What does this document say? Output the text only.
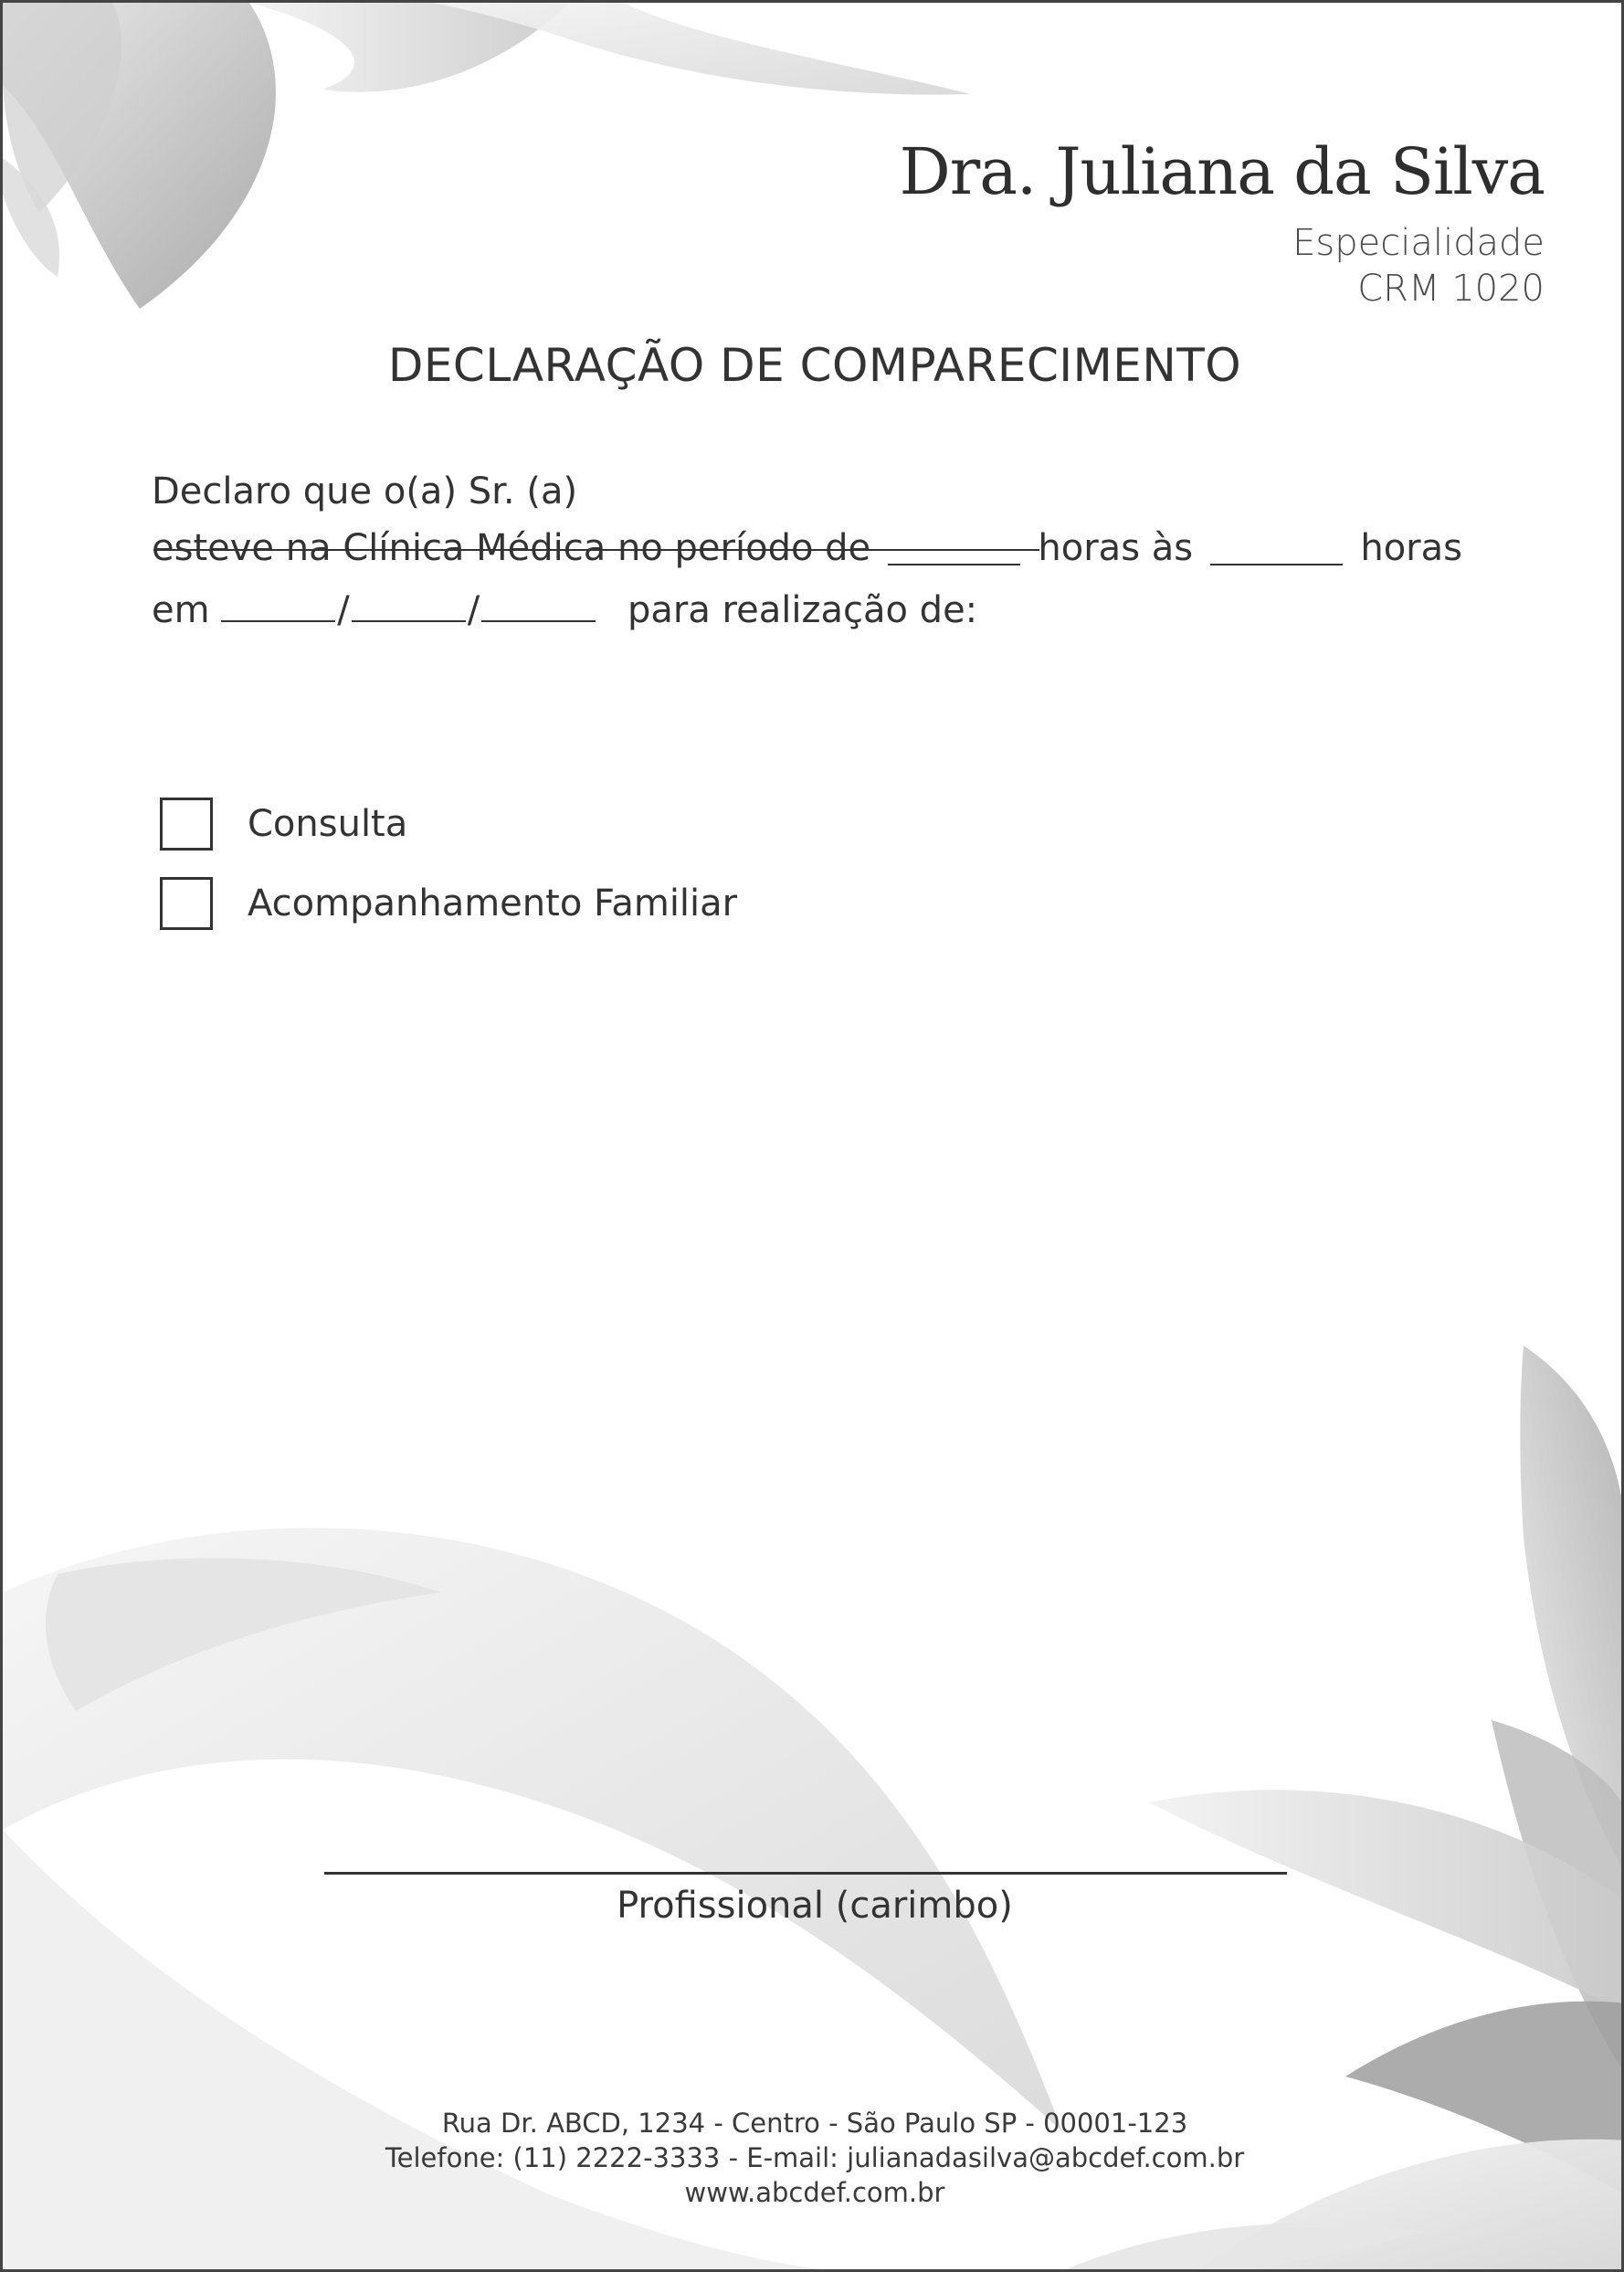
Dra. Juliana da Silva
Especialidade
CRM 1020
DECLARAÇÃO DE COMPARECIMENTO
Declaro que o(a) Sr. (a)
esteve na Clínica Médica no período de	horas às	horas
em	/	/	para realização de:
Consulta
Acompanhamento Familiar
Profissional (carimbo)
Rua Dr. ABCD, 1234 - Centro - São Paulo SP - 00001-123
Telefone: (11) 2222-3333 - E-mail: julianadasilva@abcdef.com.br
www.abcdef.com.br
